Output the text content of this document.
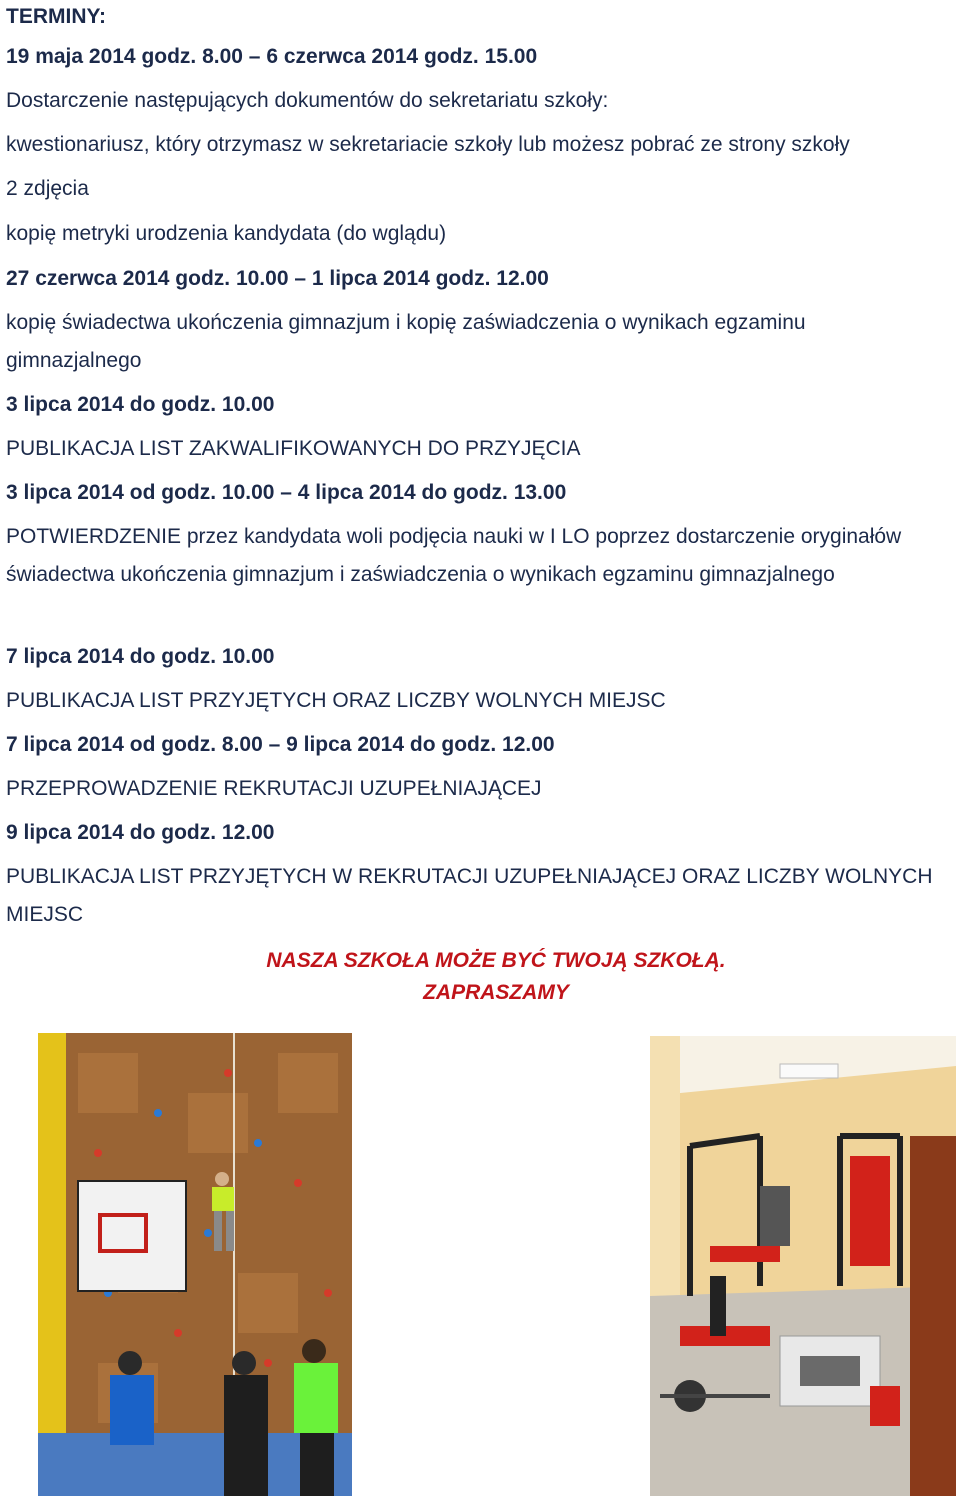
TERMINY:
19 maja 2014 godz. 8.00 – 6 czerwca 2014 godz. 15.00
Dostarczenie następujących dokumentów do sekretariatu szkoły:
kwestionariusz, który otrzymasz w sekretariacie szkoły lub możesz pobrać ze strony szkoły
2 zdjęcia
kopię metryki urodzenia kandydata (do wglądu)
27 czerwca 2014 godz. 10.00 – 1 lipca 2014 godz. 12.00
kopię świadectwa ukończenia gimnazjum i kopię zaświadczenia o wynikach egzaminu gimnazjalnego
3 lipca 2014 do godz. 10.00
PUBLIKACJA LIST ZAKWALIFIKOWANYCH DO PRZYJĘCIA
3 lipca 2014 od godz. 10.00 – 4 lipca 2014 do godz. 13.00
POTWIERDZENIE przez kandydata woli podjęcia nauki w I LO poprzez dostarczenie oryginałów świadectwa ukończenia gimnazjum i zaświadczenia o wynikach egzaminu gimnazjalnego
7 lipca 2014 do godz. 10.00
PUBLIKACJA LIST PRZYJĘTYCH ORAZ LICZBY WOLNYCH MIEJSC
7 lipca 2014 od godz. 8.00 – 9 lipca 2014 do godz. 12.00
PRZEPROWADZENIE REKRUTACJI UZUPEŁNIAJĄCEJ
9 lipca 2014 do godz. 12.00
PUBLIKACJA LIST PRZYJĘTYCH W REKRUTACJI UZUPEŁNIAJĄCEJ ORAZ LICZBY WOLNYCH MIEJSC
NASZA SZKOŁA MOŻE BYĆ TWOJĄ SZKOŁĄ.
ZAPRASZAMY
